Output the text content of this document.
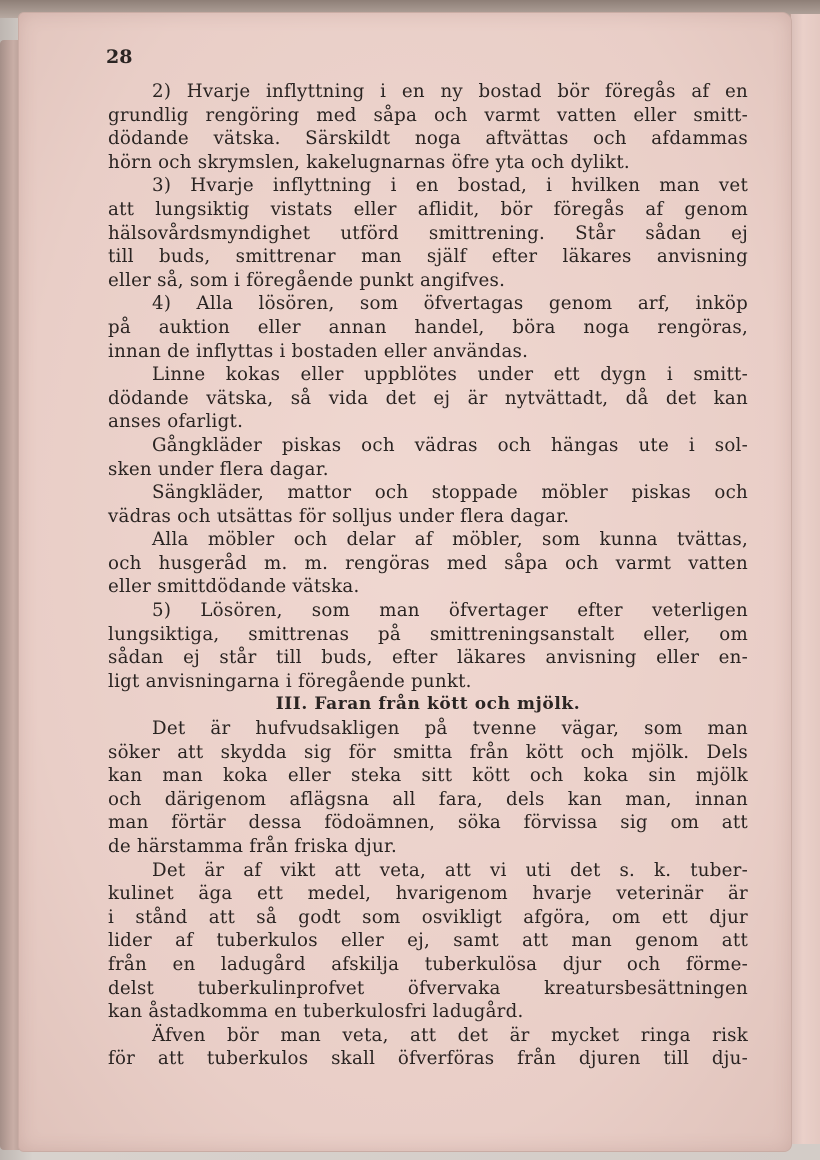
28
2) Hvarje inflyttning i en ny bostad bör föregås af en
grundlig rengöring med såpa och varmt vatten eller smitt-
dödande vätska. Särskildt noga aftvättas och afdammas
hörn och skrymslen, kakelugnarnas öfre yta och dylikt.
3) Hvarje inflyttning i en bostad, i hvilken man vet
att lungsiktig vistats eller aflidit, bör föregås af genom
hälsovårdsmyndighet utförd smittrening. Står sådan ej
till buds, smittrenar man själf efter läkares anvisning
eller så, som i föregående punkt angifves.
4) Alla lösören, som öfvertagas genom arf, inköp
på auktion eller annan handel, böra noga rengöras,
innan de inflyttas i bostaden eller användas.
Linne kokas eller uppblötes under ett dygn i smitt-
dödande vätska, så vida det ej är nytvättadt, då det kan
anses ofarligt.
Gångkläder piskas och vädras och hängas ute i sol-
sken under flera dagar.
Sängkläder, mattor och stoppade möbler piskas och
vädras och utsättas för solljus under flera dagar.
Alla möbler och delar af möbler, som kunna tvättas,
och husgeråd m. m. rengöras med såpa och varmt vatten
eller smittdödande vätska.
5) Lösören, som man öfvertager efter veterligen
lungsiktiga, smittrenas på smittreningsanstalt eller, om
sådan ej står till buds, efter läkares anvisning eller en-
ligt anvisningarna i föregående punkt.
III. Faran från kött och mjölk.
Det är hufvudsakligen på tvenne vägar, som man
söker att skydda sig för smitta från kött och mjölk. Dels
kan man koka eller steka sitt kött och koka sin mjölk
och därigenom aflägsna all fara, dels kan man, innan
man förtär dessa födoämnen, söka förvissa sig om att
de härstamma från friska djur.
Det är af vikt att veta, att vi uti det s. k. tuber-
kulinet äga ett medel, hvarigenom hvarje veterinär är
i stånd att så godt som osvikligt afgöra, om ett djur
lider af tuberkulos eller ej, samt att man genom att
från en ladugård afskilja tuberkulösa djur och förme-
delst tuberkulinprofvet öfvervaka kreatursbesättningen
kan åstadkomma en tuberkulosfri ladugård.
Äfven bör man veta, att det är mycket ringa risk
för att tuberkulos skall öfverföras från djuren till dju-
